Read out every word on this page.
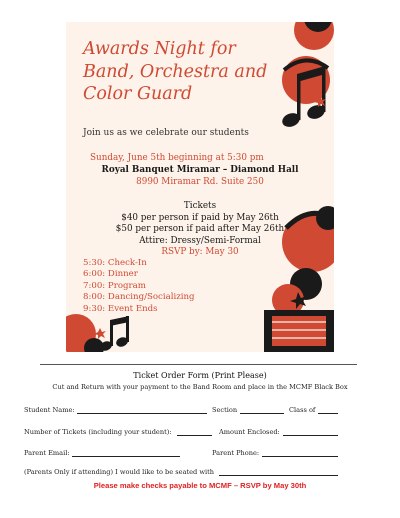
Awards Night for
Band, Orchestra and
Color Guard
Join us as we celebrate our students
Sunday, June 5th beginning at 5:30 pm
Royal Banquet Miramar – Diamond Hall
8990 Miramar Rd. Suite 250
Tickets
$40 per person if paid by May 26th
$50 per person if paid after May 26th
Attire: Dressy/Semi-Formal
RSVP by: May 30
5:30: Check-In
6:00: Dinner
7:00: Program
8:00: Dancing/Socializing
9:30: Event Ends
Ticket Order Form (Print Please)
Cut and Return with your payment to the Band Room and place in the MCMF Black Box
Student Name:	Section	Class of
Number of Tickets (including your student):	Amount Enclosed:
Parent Email:	Parent Phone:
(Parents Only if attending) I would like to be seated with
Please make checks payable to MCMF – RSVP by May 30th
